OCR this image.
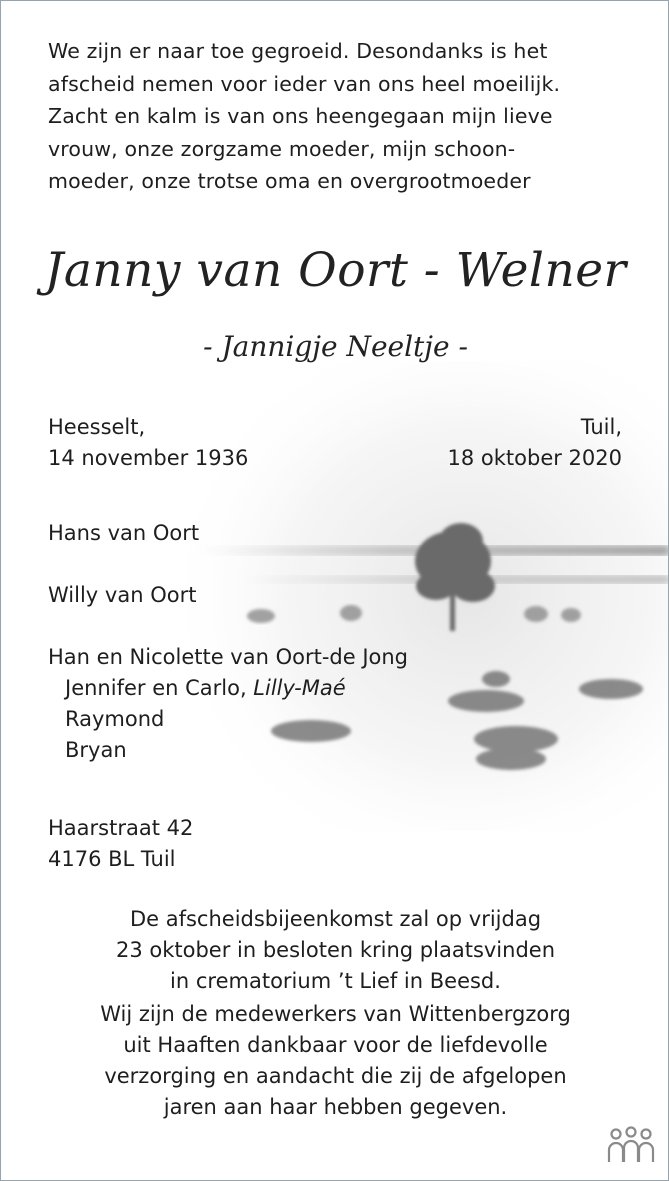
We zijn er naar toe gegroeid. Desondanks is het

afscheid nemen voor ieder van ons heel moeilijk.

Zacht en kalm is van ons heengegaan mijn lieve

vrouw, onze zorgzame moeder, mijn schoon-

moeder, onze trotse oma en overgrootmoeder

Janny van Oort - Welner
- Jannigje Neeltje -
Heesselt,
14 november 1936
Tuil,
18 oktober 2020
Hans van Oort
Willy van Oort
Han en Nicolette van Oort-de Jong
Jennifer en Carlo, Lilly-Maé
Raymond
Bryan
Haarstraat 42
4176 BL Tuil
De afscheidsbijeenkomst zal op vrijdag
23 oktober in besloten kring plaatsvinden
in crematorium ’t Lief in Beesd.
Wij zijn de medewerkers van Wittenbergzorg
uit Haaften dankbaar voor de liefdevolle
verzorging en aandacht die zij de afgelopen
jaren aan haar hebben gegeven.
